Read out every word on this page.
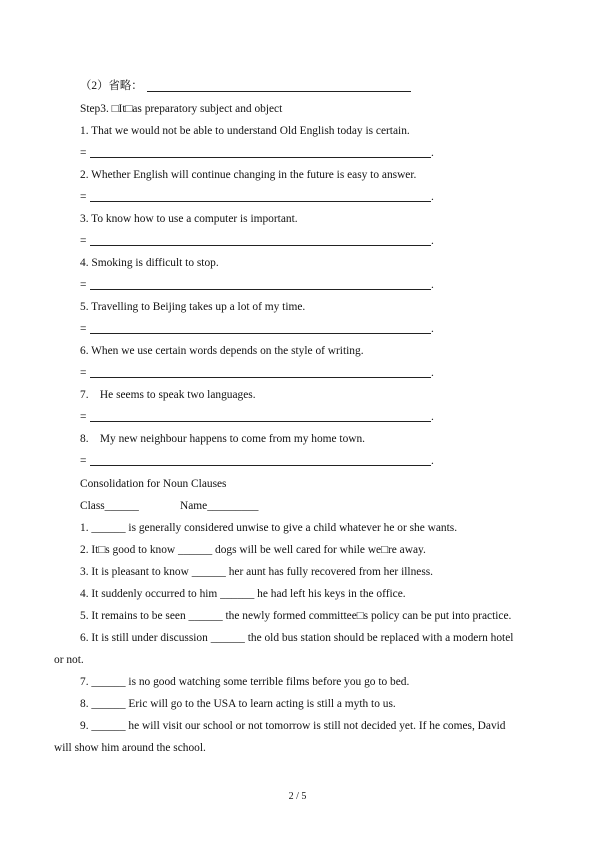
（2）省略：
Step3. □It□as preparatory subject and object
1. That we would not be able to understand Old English today is certain.
=	.
2. Whether English will continue changing in the future is easy to answer.
=	.
3. To know how to use a computer is important.
=	.
4. Smoking is difficult to stop.
=	.
5. Travelling to Beijing takes up a lot of my time.
=	.
6. When we use certain words depends on the style of writing.
=	.
7.    He seems to speak two languages.
=	.
8.    My new neighbour happens to come from my home town.
=	.
Consolidation for Noun Clauses
Class______	Name_________
1. ______ is generally considered unwise to give a child whatever he or she wants.
2. It□s good to know ______ dogs will be well cared for while we□re away.
3. It is pleasant to know ______ her aunt has fully recovered from her illness.
4. It suddenly occurred to him ______ he had left his keys in the office.
5. It remains to be seen ______ the newly formed committee□s policy can be put into practice.
6. It is still under discussion ______ the old bus station should be replaced with a modern hotel
or not.
7. ______ is no good watching some terrible films before you go to bed.
8. ______ Eric will go to the USA to learn acting is still a myth to us.
9. ______ he will visit our school or not tomorrow is still not decided yet. If he comes, David
will show him around the school.
2 / 5
